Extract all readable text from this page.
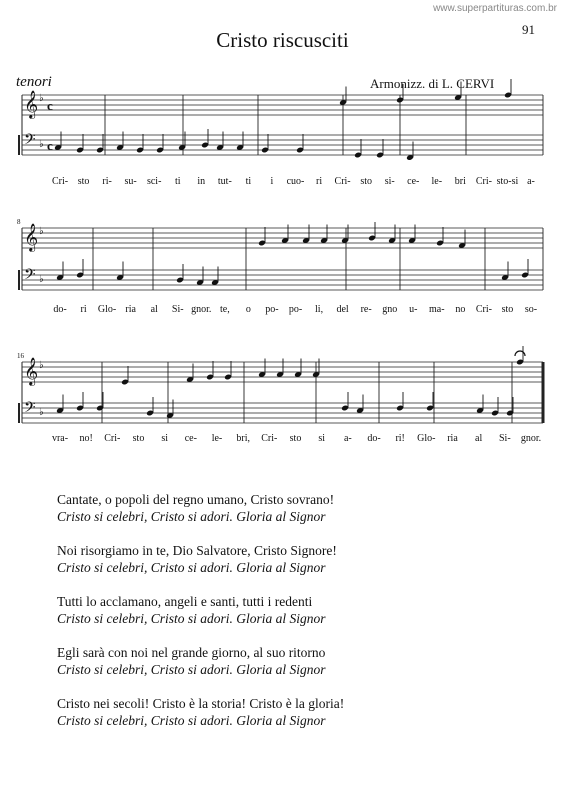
www.superpartituras.com.br
91
Cristo riscusciti
tenori	Armonizz. di L. CERVI
𝄞 ♭ c
𝄢 ♭ c
Cri- sto ri- su- sci- ti in tut- ti i cuo- ri Cri- sto si- ce- le- bri Cri- sto-si a-
𝄞 ♭
𝄢 ♭
8
do- ri Glo- ria al Si- gnor. te, o po- po- li, del re- gno u- ma- no Cri- sto so-
𝄞 ♭
𝄢 ♭
16
vra- no! Cri- sto si ce- le- bri, Cri- sto si a- do- ri! Glo- ria al Si- gnor.
Cantate, o popoli del regno umano, Cristo sovrano!
Cristo si celebri, Cristo si adori. Gloria al Signor
Noi risorgiamo in te, Dio Salvatore, Cristo Signore!
Cristo si celebri, Cristo si adori. Gloria al Signor
Tutti lo acclamano, angeli e santi, tutti i redenti
Cristo si celebri, Cristo si adori. Gloria al Signor
Egli sarà con noi nel grande giorno, al suo ritorno
Cristo si celebri, Cristo si adori. Gloria al Signor
Cristo nei secoli! Cristo è la storia! Cristo è la gloria!
Cristo si celebri, Cristo si adori. Gloria al Signor
